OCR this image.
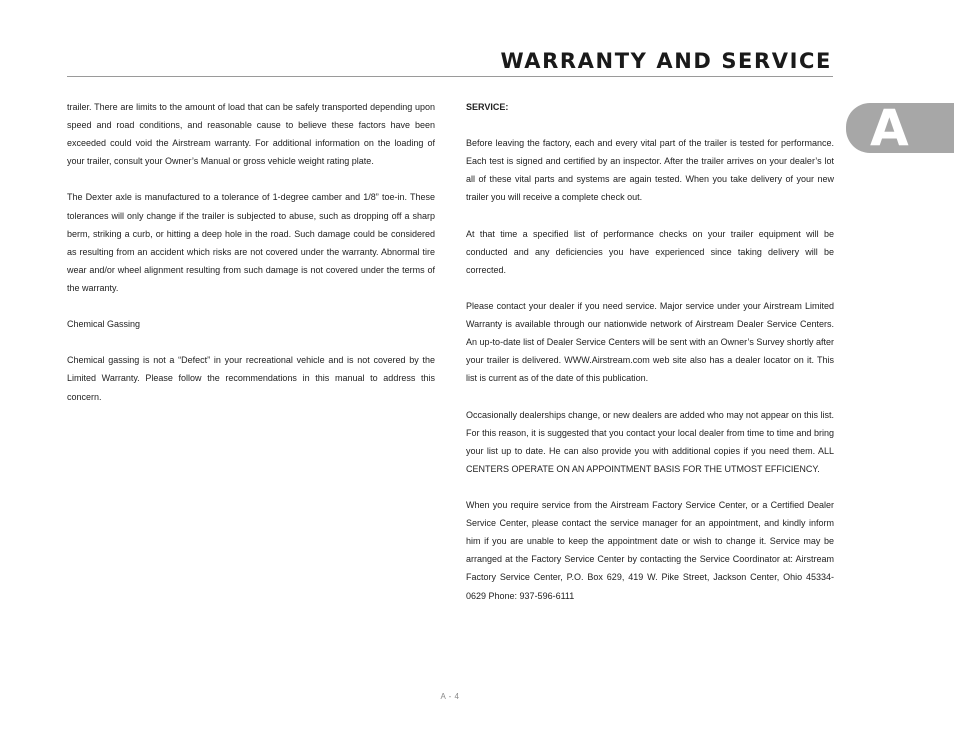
WARRANTY AND SERVICE
A

trailer. There are limits to the amount of load that can be safely transported depending upon speed and road conditions, and reasonable cause to believe these factors have been exceeded could void the Airstream warranty. For additional information on the loading of your trailer, consult your Owner’s Manual or gross vehicle weight rating plate.

The Dexter axle is manufactured to a tolerance of 1-degree camber and 1/8” toe-in. These tolerances will only change if the trailer is subjected to abuse, such as dropping off a sharp berm, striking a curb, or hitting a deep hole in the road. Such damage could be considered as resulting from an accident which risks are not covered under the warranty. Abnormal tire wear and/or wheel alignment resulting from such damage is not covered under the terms of the warranty.

Chemical Gassing

Chemical gassing is not a “Defect” in your recreational vehicle and is not covered by the Limited Warranty. Please follow the recommendations in this manual to address this concern.

SERVICE:

Before leaving the factory, each and every vital part of the trailer is tested for performance. Each test is signed and certified by an inspector. After the trailer arrives on your dealer’s lot all of these vital parts and systems are again tested. When you take delivery of your new trailer you will receive a complete check out.

At that time a specified list of performance checks on your trailer equipment will be conducted and any deficiencies you have experienced since taking delivery will be corrected.

Please contact your dealer if you need service. Major service under your Airstream Limited Warranty is available through our nationwide network of Airstream Dealer Service Centers. An up-to-date list of Dealer Service Centers will be sent with an Owner’s Survey shortly after your trailer is delivered. WWW.Airstream.com web site also has a dealer locator on it. This list is current as of the date of this publication.

Occasionally dealerships change, or new dealers are added who may not appear on this list. For this reason, it is suggested that you contact your local dealer from time to time and bring your list up to date. He can also provide you with additional copies if you need them. ALL CENTERS OPERATE ON AN APPOINTMENT BASIS FOR THE UTMOST EFFICIENCY.

When you require service from the Airstream Factory Service Center, or a Certified Dealer Service Center, please contact the service manager for an appointment, and kindly inform him if you are unable to keep the appointment date or wish to change it. Service may be arranged at the Factory Service Center by contacting the Service Coordinator at: Airstream Factory Service Center, P.O. Box 629, 419 W. Pike Street, Jackson Center, Ohio 45334-0629 Phone: 937-596-6111

A - 4
